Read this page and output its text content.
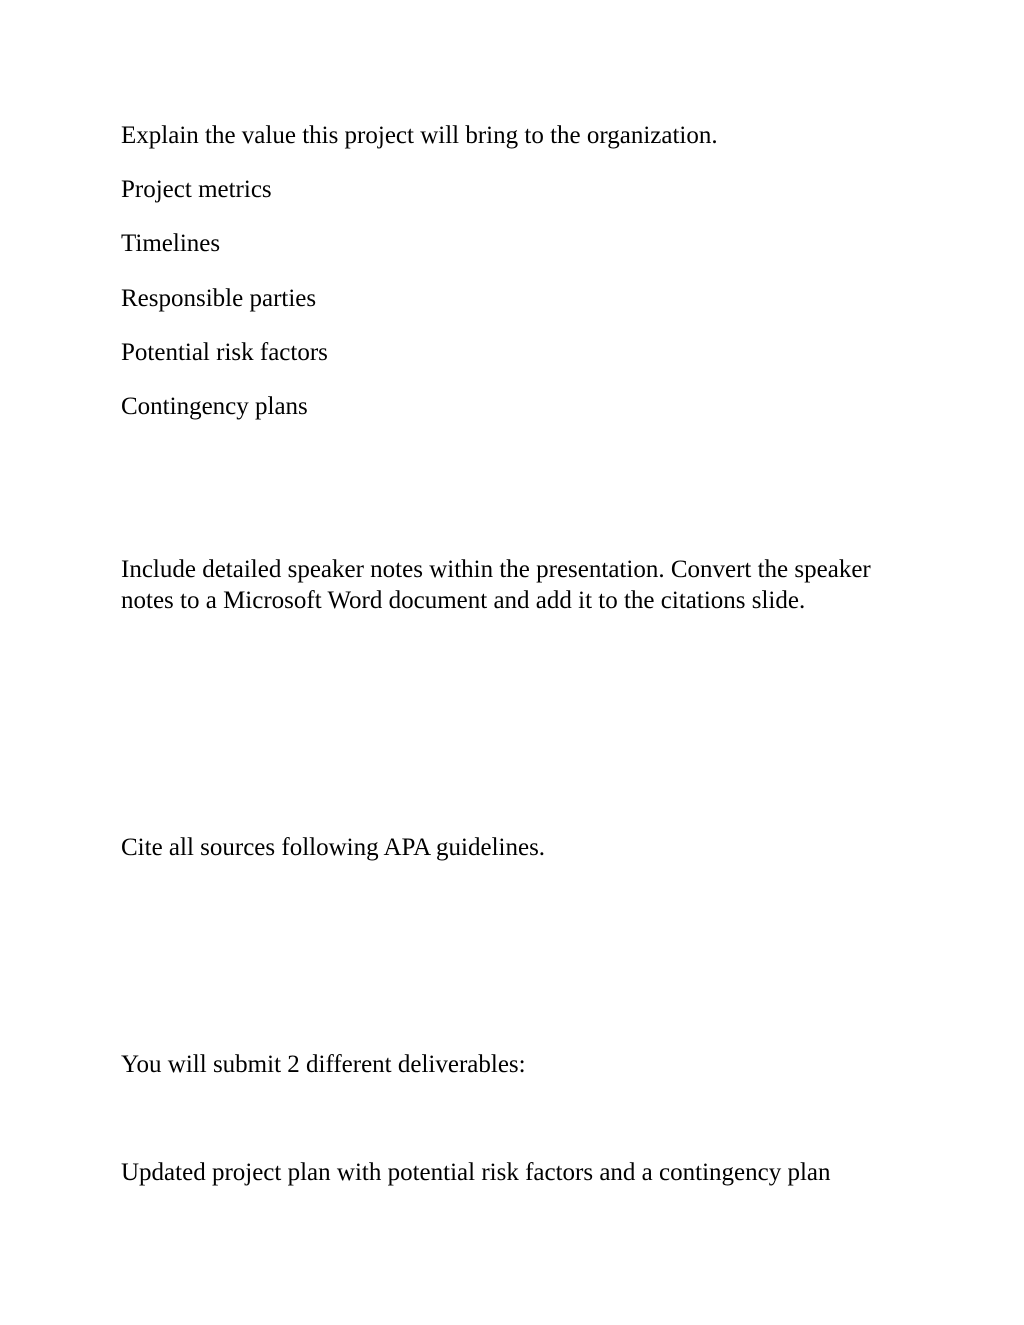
Explain the value this project will bring to the organization.

Project metrics

Timelines

Responsible parties

Potential risk factors

Contingency plans

Include detailed speaker notes within the presentation. Convert the speaker notes to a Microsoft Word document and add it to the citations slide.

Cite all sources following APA guidelines.

You will submit 2 different deliverables:

Updated project plan with potential risk factors and a contingency plan
